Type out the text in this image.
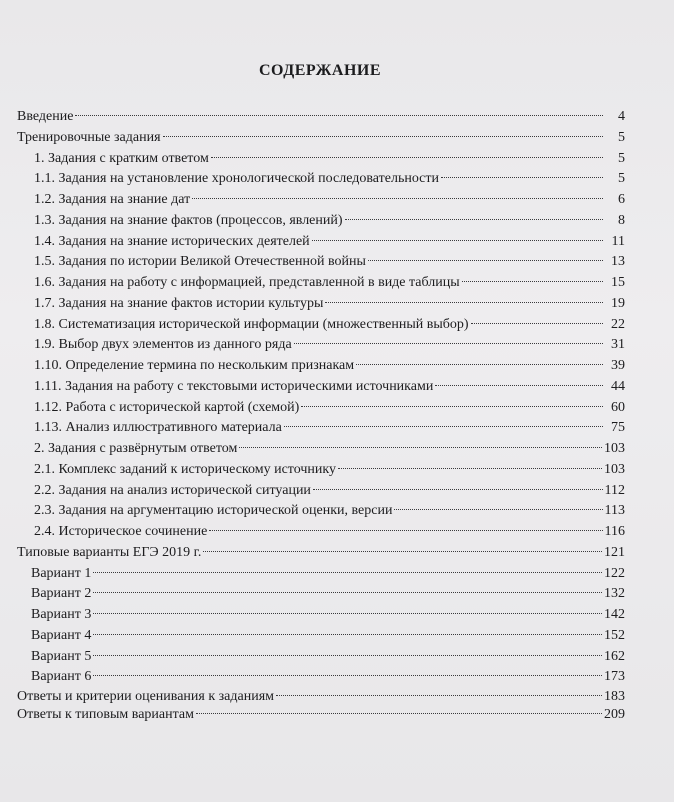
СОДЕРЖАНИЕ
Введение	4
Тренировочные задания	5
1. Задания с кратким ответом	5
1.1. Задания на установление хронологической последовательности	5
1.2. Задания на знание дат	6
1.3. Задания на знание фактов (процессов, явлений)	8
1.4. Задания на знание исторических деятелей	11
1.5. Задания по истории Великой Отечественной войны	13
1.6. Задания на работу с информацией, представленной в виде таблицы	15
1.7. Задания на знание фактов истории культуры	19
1.8. Систематизация исторической информации (множественный выбор)	22
1.9. Выбор двух элементов из данного ряда	31
1.10. Определение термина по нескольким признакам	39
1.11. Задания на работу с текстовыми историческими источниками	44
1.12. Работа с исторической картой (схемой)	60
1.13. Анализ иллюстративного материала	75
2. Задания с развёрнутым ответом	103
2.1. Комплекс заданий к историческому источнику	103
2.2. Задания на анализ исторической ситуации	112
2.3. Задания на аргументацию исторической оценки, версии	113
2.4. Историческое сочинение	116
Типовые варианты ЕГЭ 2019 г.	121
Вариант 1	122
Вариант 2	132
Вариант 3	142
Вариант 4	152
Вариант 5	162
Вариант 6	173
Ответы и критерии оценивания к заданиям	183
Ответы к типовым вариантам	209
